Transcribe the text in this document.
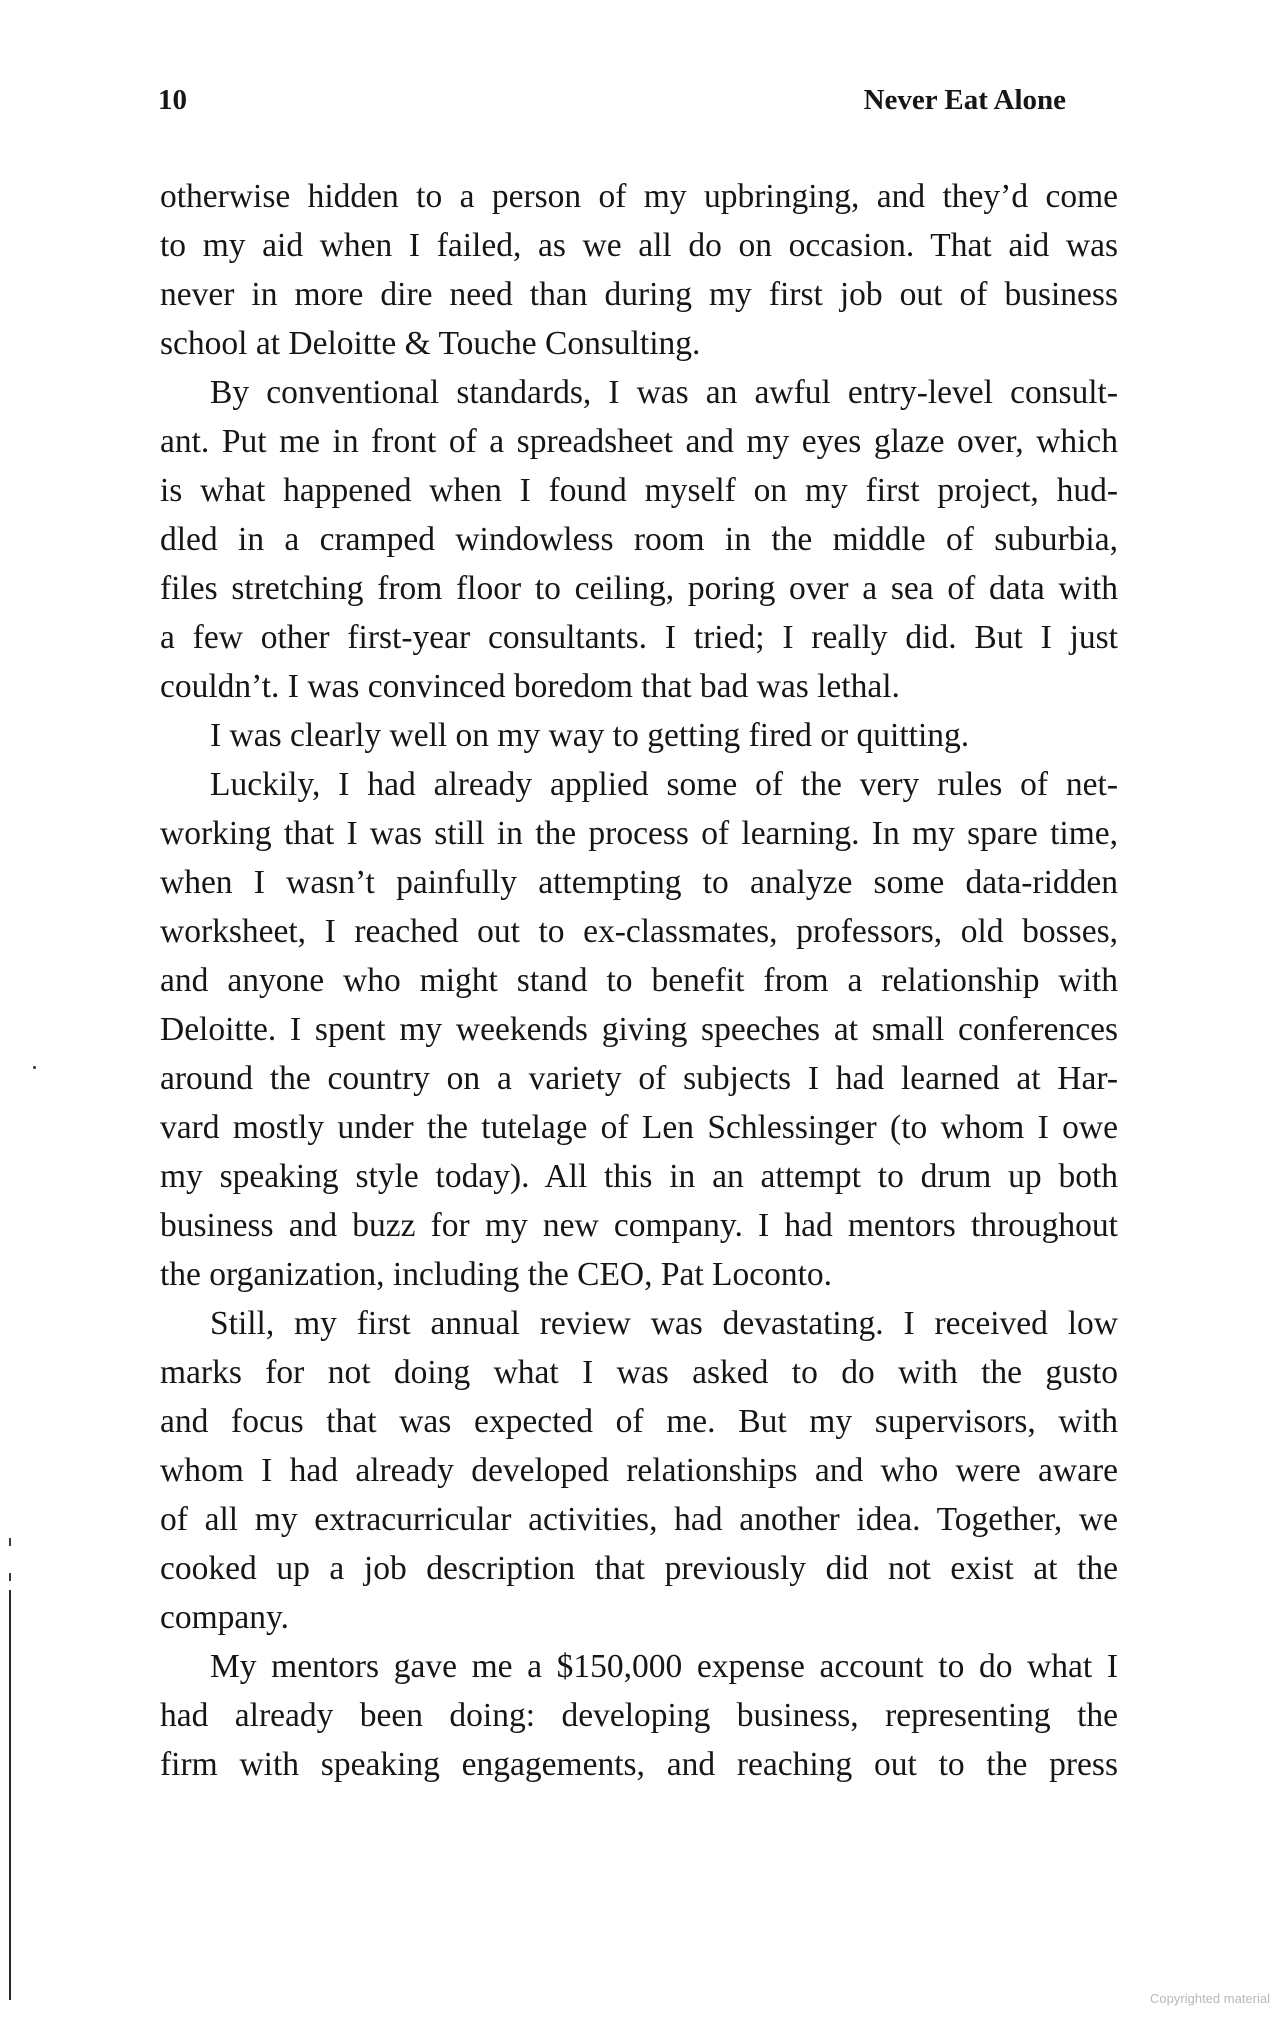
10	Never Eat Alone
otherwise hidden to a person of my upbringing, and they’d come
to my aid when I failed, as we all do on occasion. That aid was
never in more dire need than during my first job out of business
school at Deloitte & Touche Consulting.
By conventional standards, I was an awful entry-level consult-
ant. Put me in front of a spreadsheet and my eyes glaze over, which
is what happened when I found myself on my first project, hud-
dled in a cramped windowless room in the middle of suburbia,
files stretching from floor to ceiling, poring over a sea of data with
a few other first-year consultants. I tried; I really did. But I just
couldn’t. I was convinced boredom that bad was lethal.
I was clearly well on my way to getting fired or quitting.
Luckily, I had already applied some of the very rules of net-
working that I was still in the process of learning. In my spare time,
when I wasn’t painfully attempting to analyze some data-ridden
worksheet, I reached out to ex-classmates, professors, old bosses,
and anyone who might stand to benefit from a relationship with
Deloitte. I spent my weekends giving speeches at small conferences
around the country on a variety of subjects I had learned at Har-
vard mostly under the tutelage of Len Schlessinger (to whom I owe
my speaking style today). All this in an attempt to drum up both
business and buzz for my new company. I had mentors throughout
the organization, including the CEO, Pat Loconto.
Still, my first annual review was devastating. I received low
marks for not doing what I was asked to do with the gusto
and focus that was expected of me. But my supervisors, with
whom I had already developed relationships and who were aware
of all my extracurricular activities, had another idea. Together, we
cooked up a job description that previously did not exist at the
company.
My mentors gave me a $150,000 expense account to do what I
had already been doing: developing business, representing the
firm with speaking engagements, and reaching out to the press
Copyrighted material
